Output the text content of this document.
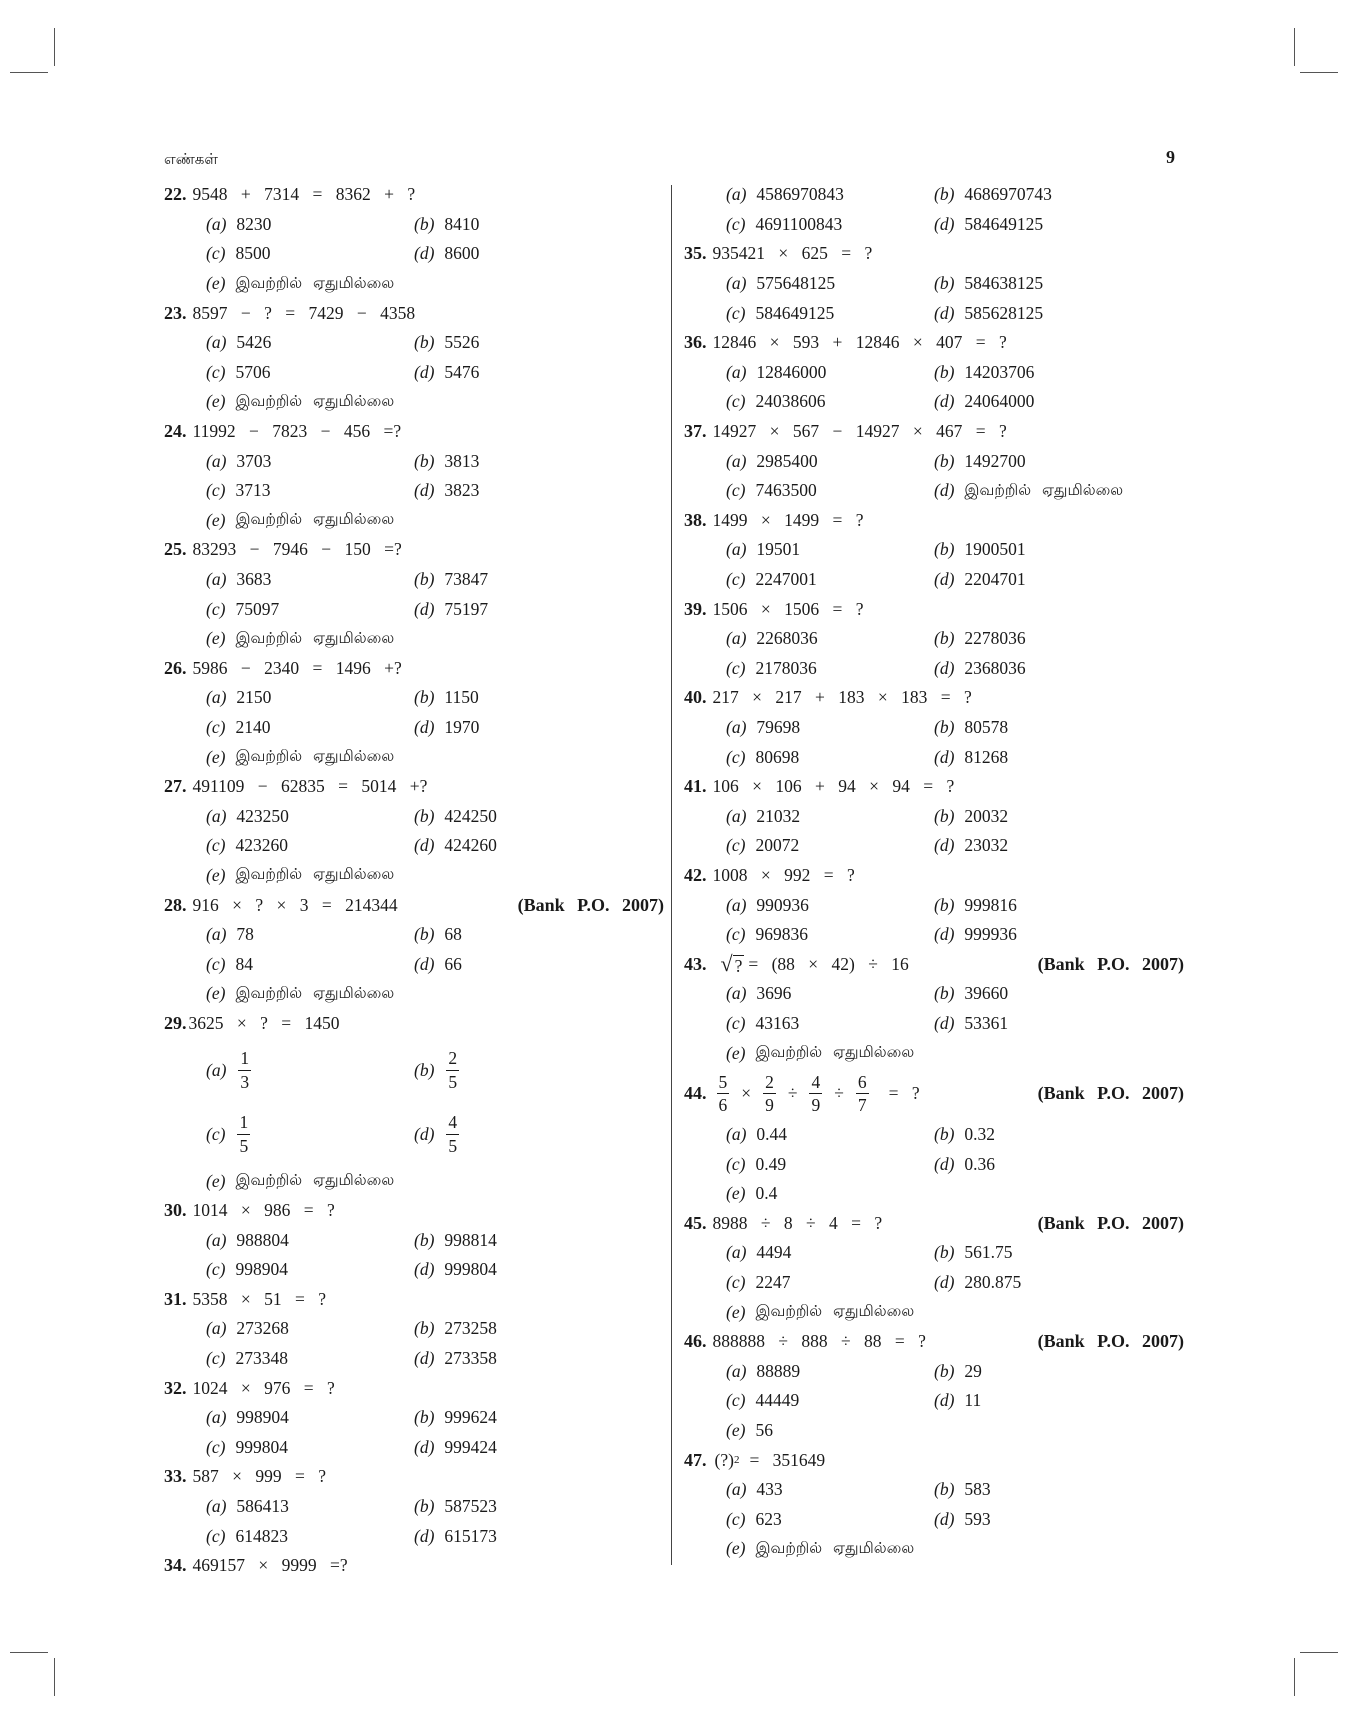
எண்கள்	9
22. 9548 + 7314 = 8362 + ?
(a) 8230	(b) 8410
(c) 8500	(d) 8600
(e) இவற்றில் ஏதுமில்லை
23. 8597 − ? = 7429 − 4358
(a) 5426	(b) 5526
(c) 5706	(d) 5476
(e) இவற்றில் ஏதுமில்லை
24. 11992 − 7823 − 456 =?
(a) 3703	(b) 3813
(c) 3713	(d) 3823
(e) இவற்றில் ஏதுமில்லை
25. 83293 − 7946 − 150 =?
(a) 3683	(b) 73847
(c) 75097	(d) 75197
(e) இவற்றில் ஏதுமில்லை
26. 5986 − 2340 = 1496 +?
(a) 2150	(b) 1150
(c) 2140	(d) 1970
(e) இவற்றில் ஏதுமில்லை
27. 491109 − 62835 = 5014 +?
(a) 423250	(b) 424250
(c) 423260	(d) 424260
(e) இவற்றில் ஏதுமில்லை
28. 916 × ? × 3 = 214344	(Bank P.O. 2007)
(a) 78	(b) 68
(c) 84	(d) 66
(e) இவற்றில் ஏதுமில்லை
29. 3625 × ? = 1450
$(a) \frac{1}{3}$	$(b) \frac{2}{5}$
$(c) \frac{1}{5}$	$(d) \frac{4}{5}$
(e) இவற்றில் ஏதுமில்லை
30. 1014 × 986 = ?
(a) 988804	(b) 998814
(c) 998904	(d) 999804
31. 5358 × 51 = ?
(a) 273268	(b) 273258
(c) 273348	(d) 273358
32. 1024 × 976 = ?
(a) 998904	(b) 999624
(c) 999804	(d) 999424
33. 587 × 999 = ?
(a) 586413	(b) 587523
(c) 614823	(d) 615173
34. 469157 × 9999 =?
(a) 4586970843	(b) 4686970743
(c) 4691100843	(d) 584649125
35. 935421 × 625 = ?
(a) 575648125	(b) 584638125
(c) 584649125	(d) 585628125
36. 12846 × 593 + 12846 × 407 = ?
(a) 12846000	(b) 14203706
(c) 24038606	(d) 24064000
37. 14927 × 567 − 14927 × 467 = ?
(a) 2985400	(b) 1492700
(c) 7463500	(d) இவற்றில் ஏதுமில்லை
38. 1499 × 1499 = ?
(a) 19501	(b) 1900501
(c) 2247001	(d) 2204701
39. 1506 × 1506 = ?
(a) 2268036	(b) 2278036
(c) 2178036	(d) 2368036
40. 217 × 217 + 183 × 183 = ?
(a) 79698	(b) 80578
(c) 80698	(d) 81268
41. 106 × 106 + 94 × 94 = ?
(a) 21032	(b) 20032
(c) 20072	(d) 23032
42. 1008 × 992 = ?
(a) 990936	(b) 999816
(c) 969836	(d) 999936
43. √ ? = (88 × 42) ÷ 16	(Bank P.O. 2007)
(a) 3696	(b) 39660
(c) 43163	(d) 53361
(e) இவற்றில் ஏதுமில்லை
44. $\frac{5}{6} \times \frac{2}{9} \div \frac{4}{9} \div \frac{6}{7}$ = ?	(Bank P.O. 2007)
(a) 0.44	(b) 0.32
(c) 0.49	(d) 0.36
(e) 0.4
45. 8988 ÷ 8 ÷ 4 = ?	(Bank P.O. 2007)
(a) 4494	(b) 561.75
(c) 2247	(d) 280.875
(e) இவற்றில் ஏதுமில்லை
46. 888888 ÷ 888 ÷ 88 = ?	(Bank P.O. 2007)
(a) 88889	(b) 29
(c) 44449	(d) 11
(e) 56
47. (?) 2 = 351649
(a) 433	(b) 583
(c) 623	(d) 593
(e) இவற்றில் ஏதுமில்லை
